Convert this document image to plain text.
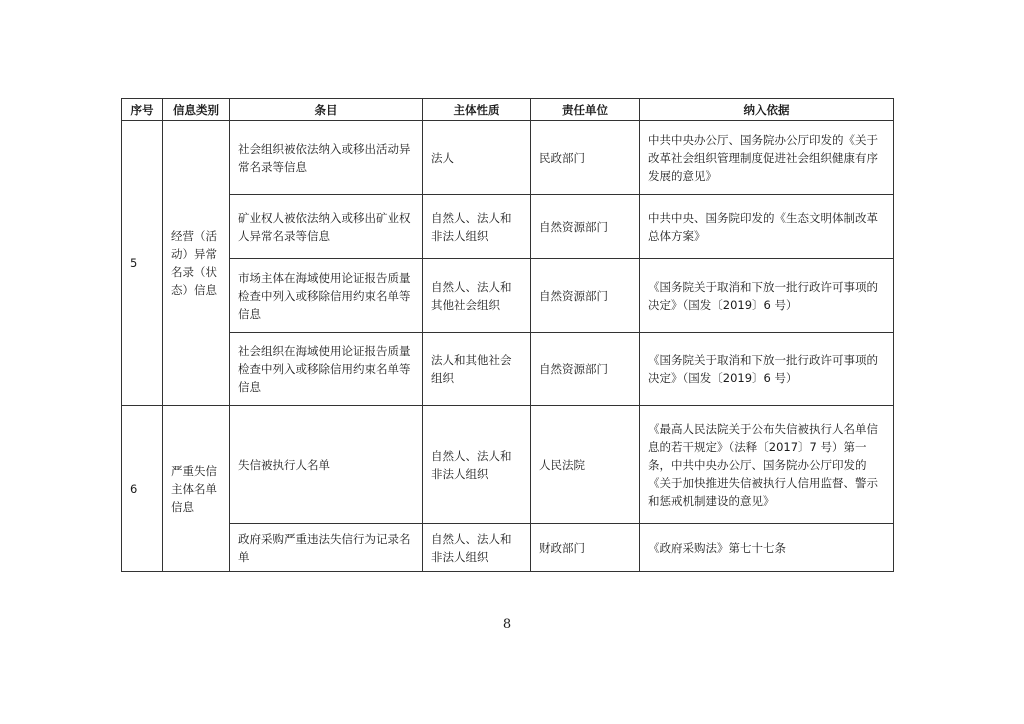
序号	信息类别	条目	主体性质	责任单位	纳入依据
5	经营（活动）异常名录（状态）信息	社会组织被依法纳入或移出活动异常名录等信息	法人	民政部门	中共中央办公厅、国务院办公厅印发的《关于改革社会组织管理制度促进社会组织健康有序发展的意见》
		矿业权人被依法纳入或移出矿业权人异常名录等信息	自然人、法人和非法人组织	自然资源部门	中共中央、国务院印发的《生态文明体制改革总体方案》
		市场主体在海域使用论证报告质量检查中列入或移除信用约束名单等信息	自然人、法人和其他社会组织	自然资源部门	《国务院关于取消和下放一批行政许可事项的决定》（国发〔2019〕6 号）
		社会组织在海域使用论证报告质量检查中列入或移除信用约束名单等信息	法人和其他社会组织	自然资源部门	《国务院关于取消和下放一批行政许可事项的决定》（国发〔2019〕6 号）
6	严重失信主体名单信息	失信被执行人名单	自然人、法人和非法人组织	人民法院	《最高人民法院关于公布失信被执行人名单信息的若干规定》（法释〔2017〕7 号）第一条，中共中央办公厅、国务院办公厅印发的《关于加快推进失信被执行人信用监督、警示和惩戒机制建设的意见》
		政府采购严重违法失信行为记录名单	自然人、法人和非法人组织	财政部门	《政府采购法》第七十七条
8
